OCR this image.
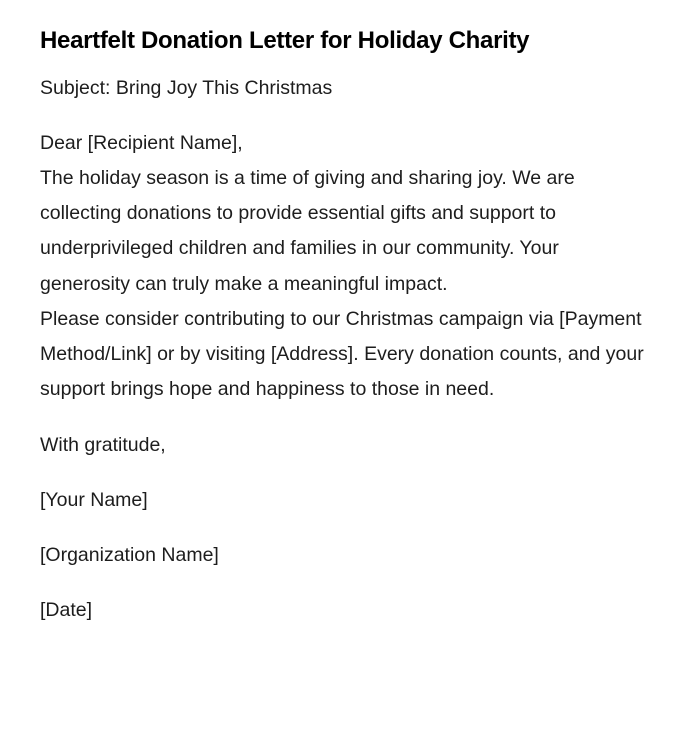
Heartfelt Donation Letter for Holiday Charity

Subject: Bring Joy This Christmas

Dear [Recipient Name],

The holiday season is a time of giving and sharing joy. We are collecting donations to provide essential gifts and support to underprivileged children and families in our community. Your generosity can truly make a meaningful impact.

Please consider contributing to our Christmas campaign via [Payment Method/Link] or by visiting [Address]. Every donation counts, and your support brings hope and happiness to those in need.

With gratitude,

[Your Name]

[Organization Name]

[Date]
